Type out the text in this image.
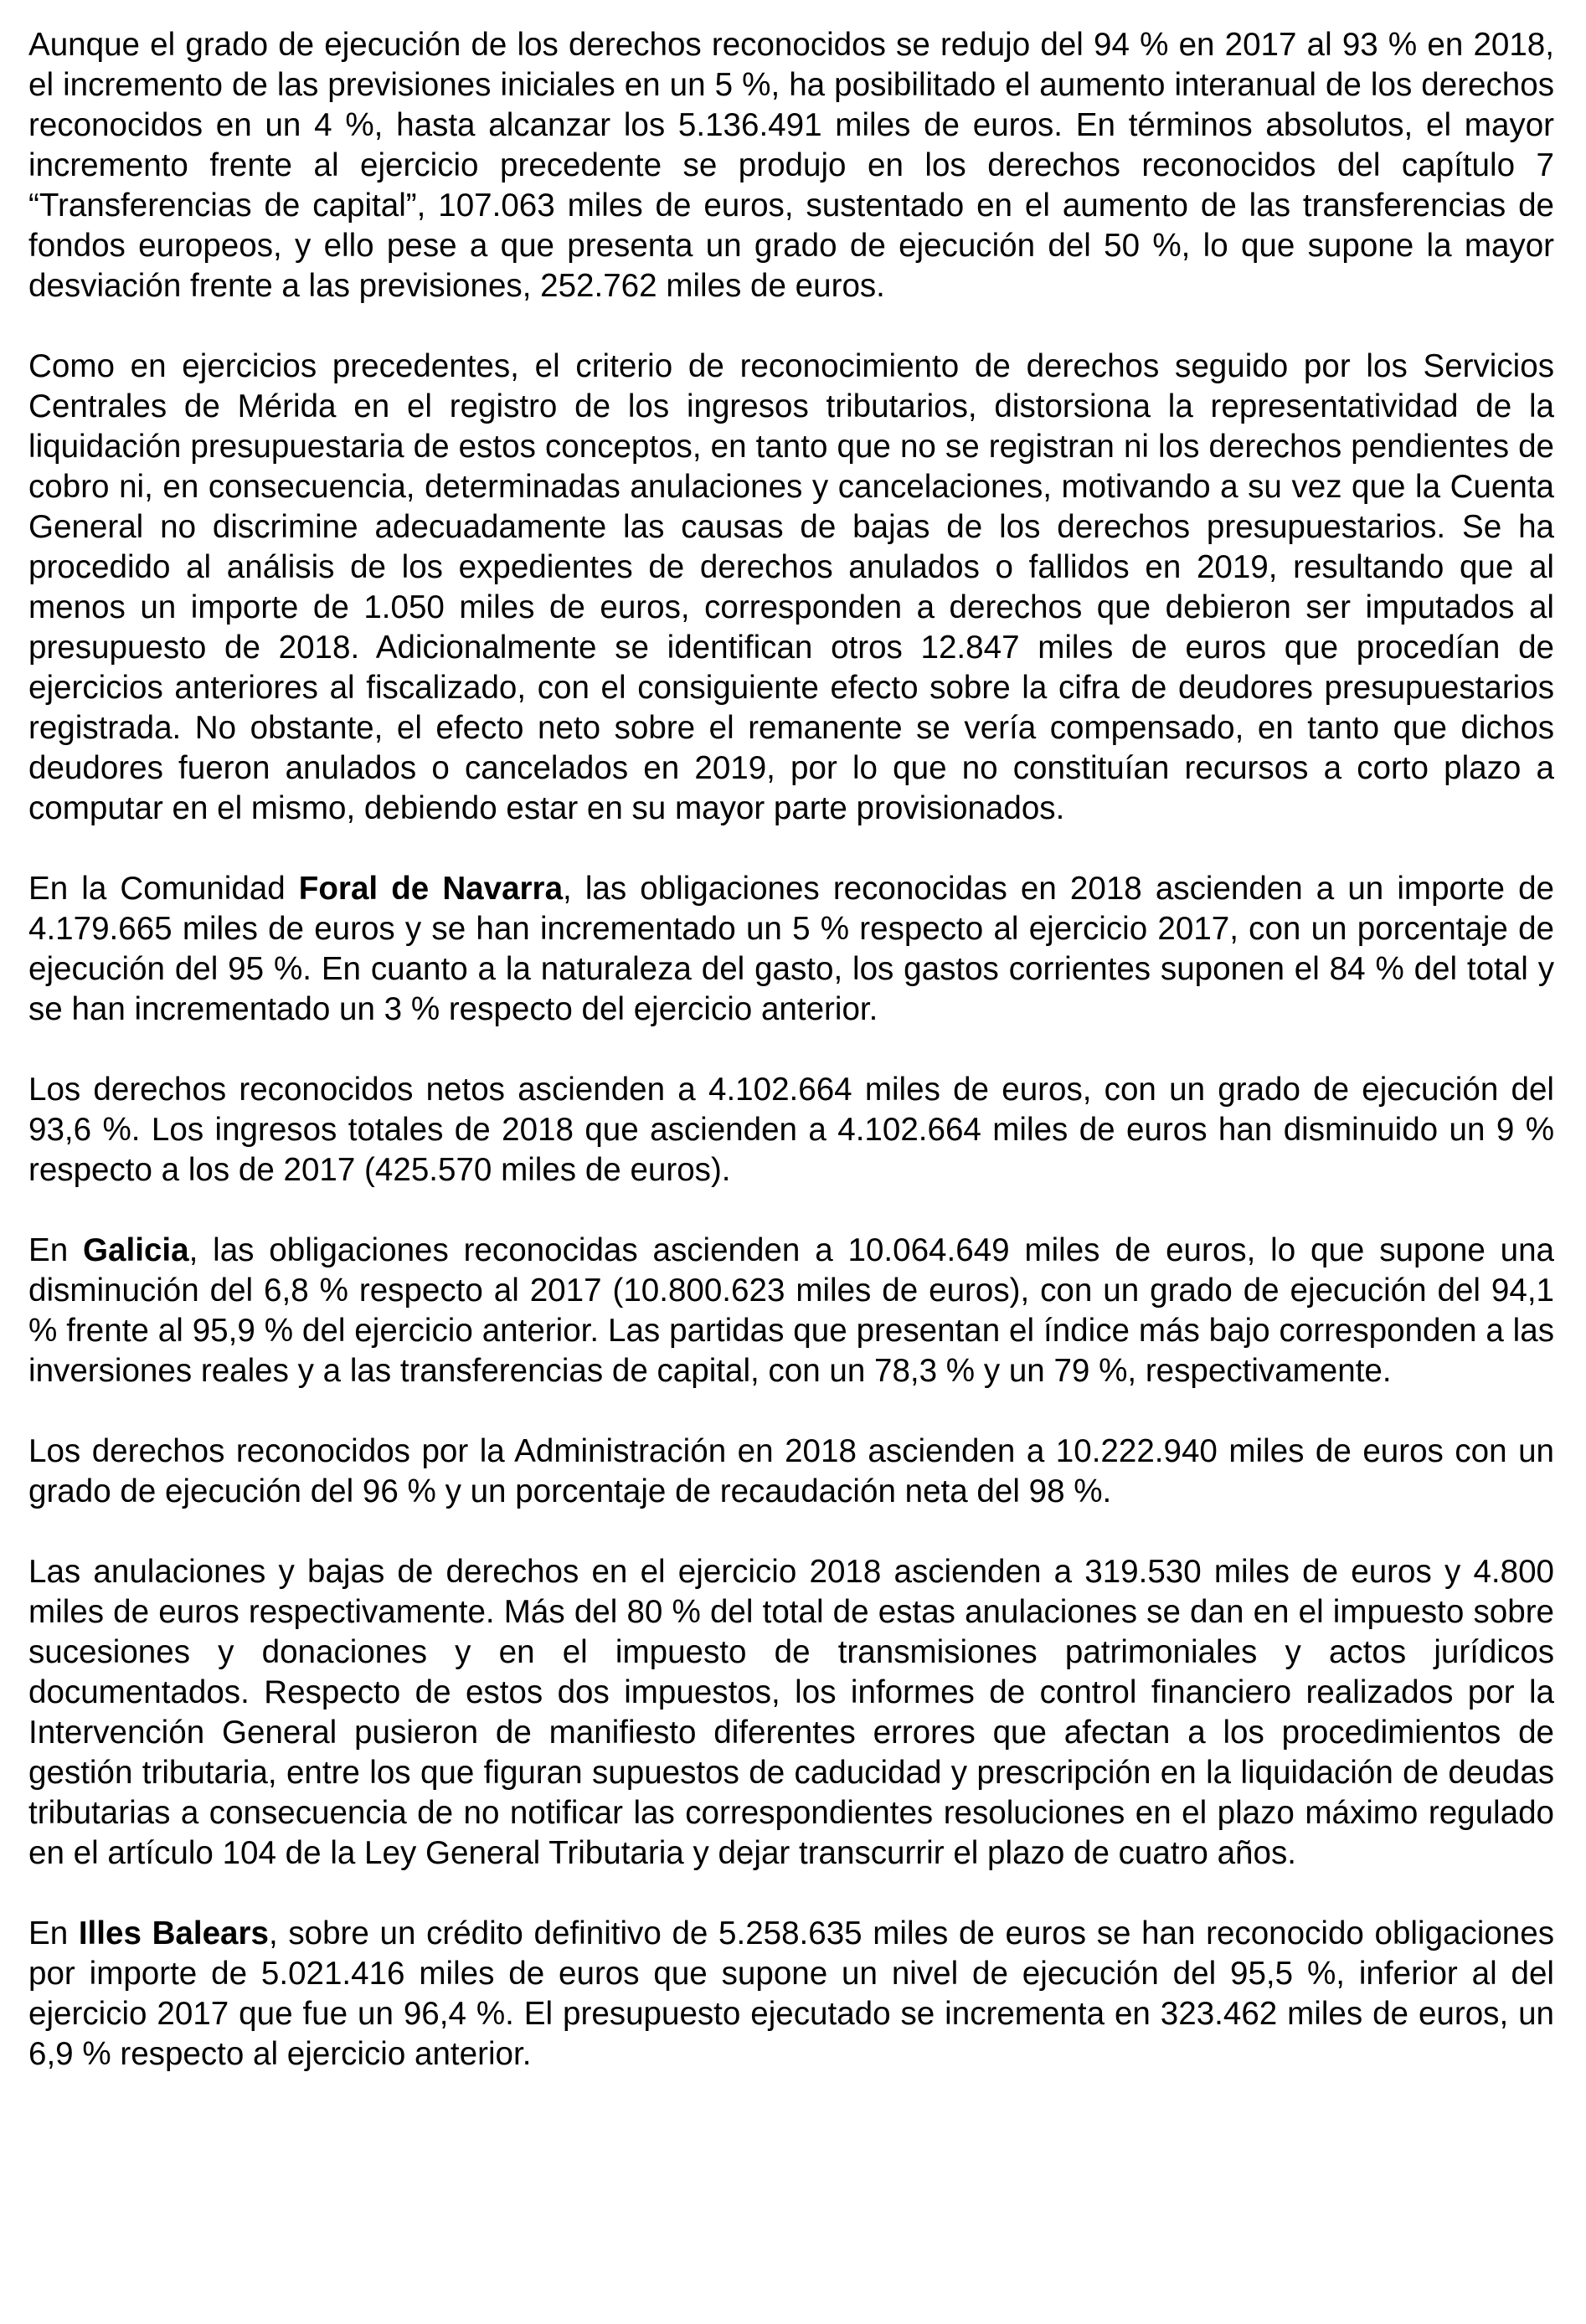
Aunque el grado de ejecución de los derechos reconocidos se redujo del 94 % en 2017 al 93 % en 2018, el incremento de las previsiones iniciales en un 5 %, ha posibilitado el aumento interanual de los derechos reconocidos en un 4 %, hasta alcanzar los 5.136.491 miles de euros. En términos absolutos, el mayor incremento frente al ejercicio precedente se produjo en los derechos reconocidos del capítulo 7 “Transferencias de capital”, 107.063 miles de euros, sustentado en el aumento de las transferencias de fondos europeos, y ello pese a que presenta un grado de ejecución del 50 %, lo que supone la mayor desviación frente a las previsiones, 252.762 miles de euros.

Como en ejercicios precedentes, el criterio de reconocimiento de derechos seguido por los Servicios Centrales de Mérida en el registro de los ingresos tributarios, distorsiona la representatividad de la liquidación presupuestaria de estos conceptos, en tanto que no se registran ni los derechos pendientes de cobro ni, en consecuencia, determinadas anulaciones y cancelaciones, motivando a su vez que la Cuenta General no discrimine adecuadamente las causas de bajas de los derechos presupuestarios. Se ha procedido al análisis de los expedientes de derechos anulados o fallidos en 2019, resultando que al menos un importe de 1.050 miles de euros, corresponden a derechos que debieron ser imputados al presupuesto de 2018. Adicionalmente se identifican otros 12.847 miles de euros que procedían de ejercicios anteriores al fiscalizado, con el consiguiente efecto sobre la cifra de deudores presupuestarios registrada. No obstante, el efecto neto sobre el remanente se vería compensado, en tanto que dichos deudores fueron anulados o cancelados en 2019, por lo que no constituían recursos a corto plazo a computar en el mismo, debiendo estar en su mayor parte provisionados.

En la Comunidad Foral de Navarra, las obligaciones reconocidas en 2018 ascienden a un importe de 4.179.665 miles de euros y se han incrementado un 5 % respecto al ejercicio 2017, con un porcentaje de ejecución del 95 %. En cuanto a la naturaleza del gasto, los gastos corrientes suponen el 84 % del total y se han incrementado un 3 % respecto del ejercicio anterior.

Los derechos reconocidos netos ascienden a 4.102.664 miles de euros, con un grado de ejecución del 93,6 %. Los ingresos totales de 2018 que ascienden a 4.102.664 miles de euros han disminuido un 9 % respecto a los de 2017 (425.570 miles de euros).

En Galicia, las obligaciones reconocidas ascienden a 10.064.649 miles de euros, lo que supone una disminución del 6,8 % respecto al 2017 (10.800.623 miles de euros), con un grado de ejecución del 94,1 % frente al 95,9 % del ejercicio anterior. Las partidas que presentan el índice más bajo corresponden a las inversiones reales y a las transferencias de capital, con un 78,3 % y un 79 %, respectivamente.

Los derechos reconocidos por la Administración en 2018 ascienden a 10.222.940 miles de euros con un grado de ejecución del 96 % y un porcentaje de recaudación neta del 98 %.

Las anulaciones y bajas de derechos en el ejercicio 2018 ascienden a 319.530 miles de euros y 4.800 miles de euros respectivamente. Más del 80 % del total de estas anulaciones se dan en el impuesto sobre sucesiones y donaciones y en el impuesto de transmisiones patrimoniales y actos jurídicos documentados. Respecto de estos dos impuestos, los informes de control financiero realizados por la Intervención General pusieron de manifiesto diferentes errores que afectan a los procedimientos de gestión tributaria, entre los que figuran supuestos de caducidad y prescripción en la liquidación de deudas tributarias a consecuencia de no notificar las correspondientes resoluciones en el plazo máximo regulado en el artículo 104 de la Ley General Tributaria y dejar transcurrir el plazo de cuatro años.

En Illes Balears, sobre un crédito definitivo de 5.258.635 miles de euros se han reconocido obligaciones por importe de 5.021.416 miles de euros que supone un nivel de ejecución del 95,5 %, inferior al del ejercicio 2017 que fue un 96,4 %. El presupuesto ejecutado se incrementa en 323.462 miles de euros, un 6,9 % respecto al ejercicio anterior.
